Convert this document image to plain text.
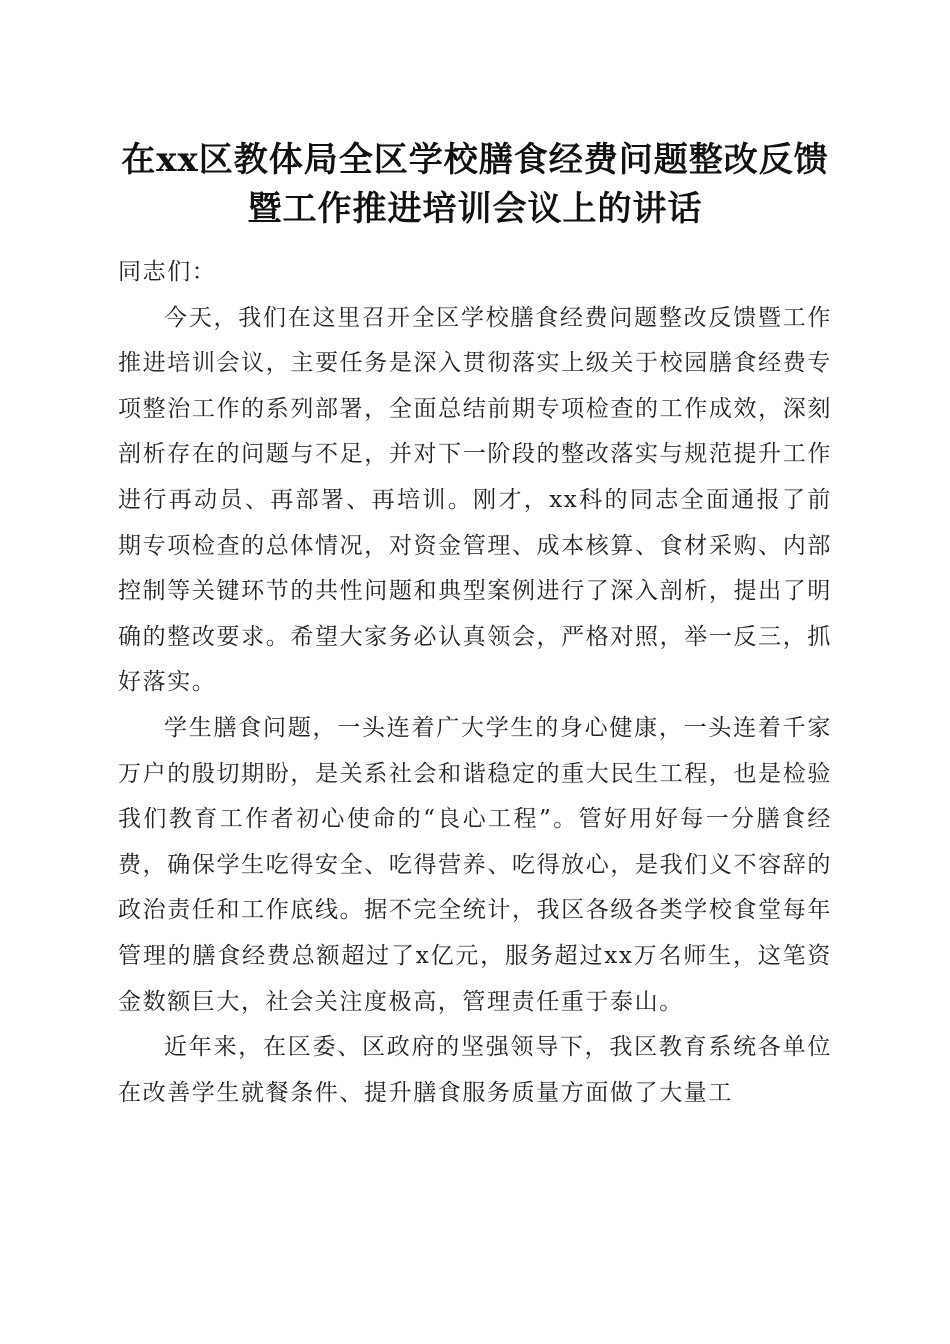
在xx区教体局全区学校膳食经费问题整改反馈暨工作推进培训会议上的讲话

同志们：

今天，我们在这里召开全区学校膳食经费问题整改反馈暨工作推进培训会议，主要任务是深入贯彻落实上级关于校园膳食经费专项整治工作的系列部署，全面总结前期专项检查的工作成效，深刻剖析存在的问题与不足，并对下一阶段的整改落实与规范提升工作进行再动员、再部署、再培训。刚才，xx科的同志全面通报了前期专项检查的总体情况，对资金管理、成本核算、食材采购、内部控制等关键环节的共性问题和典型案例进行了深入剖析，提出了明确的整改要求。希望大家务必认真领会，严格对照，举一反三，抓好落实。

学生膳食问题，一头连着广大学生的身心健康，一头连着千家万户的殷切期盼，是关系社会和谐稳定的重大民生工程，也是检验我们教育工作者初心使命的“良心工程”。管好用好每一分膳食经费，确保学生吃得安全、吃得营养、吃得放心，是我们义不容辞的政治责任和工作底线。据不完全统计，我区各级各类学校食堂每年管理的膳食经费总额超过了x亿元，服务超过xx万名师生，这笔资金数额巨大，社会关注度极高，管理责任重于泰山。

近年来，在区委、区政府的坚强领导下，我区教育系统各单位在改善学生就餐条件、提升膳食服务质量方面做了大量工
